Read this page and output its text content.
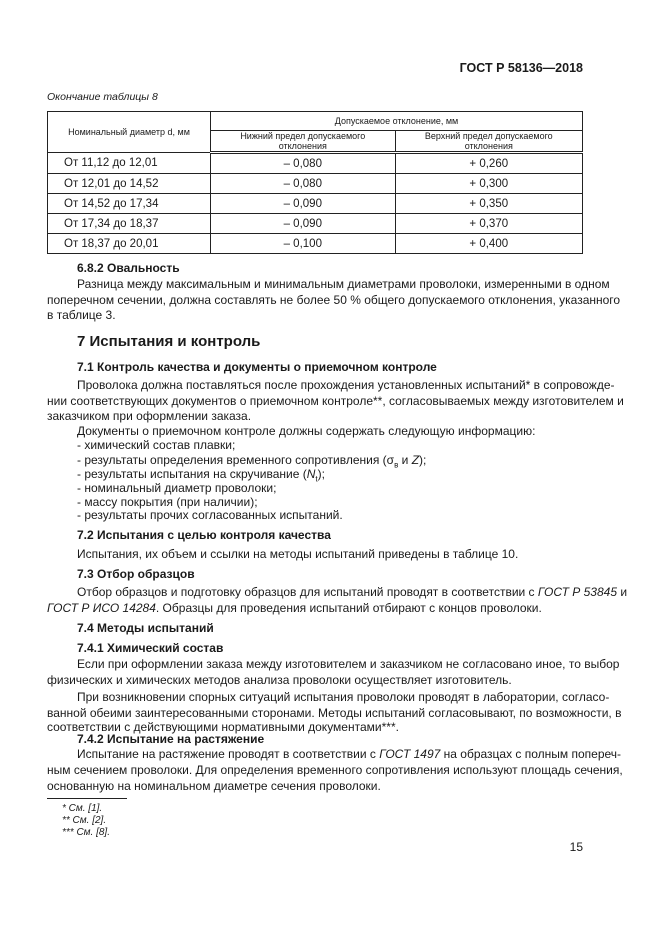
ГОСТ Р 58136—2018
Окончание таблицы 8
Номинальный диаметр d, мм	Допускаемое отклонение, мм	
	Нижний предел допускаемого отклонения	Верхний предел допускаемого отклонения
От 11,12 до 12,01	– 0,080	+ 0,260
От 12,01 до 14,52	– 0,080	+ 0,300
От 14,52 до 17,34	– 0,090	+ 0,350
От 17,34 до 18,37	– 0,090	+ 0,370
От 18,37 до 20,01	– 0,100	+ 0,400
6.8.2 Овальность
Разница между максимальным и минимальным диаметрами проволоки, измеренными в одном
поперечном сечении, должна составлять не более 50 % общего допускаемого отклонения, указанного
в таблице 3.
7 Испытания и контроль
7.1 Контроль качества и документы о приемочном контроле
Проволока должна поставляться после прохождения установленных испытаний* в сопровожде-
нии соответствующих документов о приемочном контроле**, согласовываемых между изготовителем и
заказчиком при оформлении заказа.
Документы о приемочном контроле должны содержать следующую информацию:
- химический состав плавки;
- результаты определения временного сопротивления ($\sigma_в$ и Z);
- результаты испытания на скручивание $(N_t)$;
- номинальный диаметр проволоки;
- массу покрытия (при наличии);
- результаты прочих согласованных испытаний.
7.2 Испытания с целью контроля качества
Испытания, их объем и ссылки на методы испытаний приведены в таблице 10.
7.3 Отбор образцов
Отбор образцов и подготовку образцов для испытаний проводят в соответствии с ГОСТ Р 53845 и
ГОСТ Р ИСО 14284. Образцы для проведения испытаний отбирают с концов проволоки.
7.4 Методы испытаний
7.4.1 Химический состав
Если при оформлении заказа между изготовителем и заказчиком не согласовано иное, то выбор
физических и химических методов анализа проволоки осуществляет изготовитель.
При возникновении спорных ситуаций испытания проволоки проводят в лаборатории, согласо-
ванной обеими заинтересованными сторонами. Методы испытаний согласовывают, по возможности, в
соответствии с действующими нормативными документами***.
7.4.2 Испытание на растяжение
Испытание на растяжение проводят в соответствии с ГОСТ 1497 на образцах с полным попереч-
ным сечением проволоки. Для определения временного сопротивления используют площадь сечения,
основанную на номинальном диаметре сечения проволоки.
* См. [1].
** См. [2].
*** См. [8].
15
